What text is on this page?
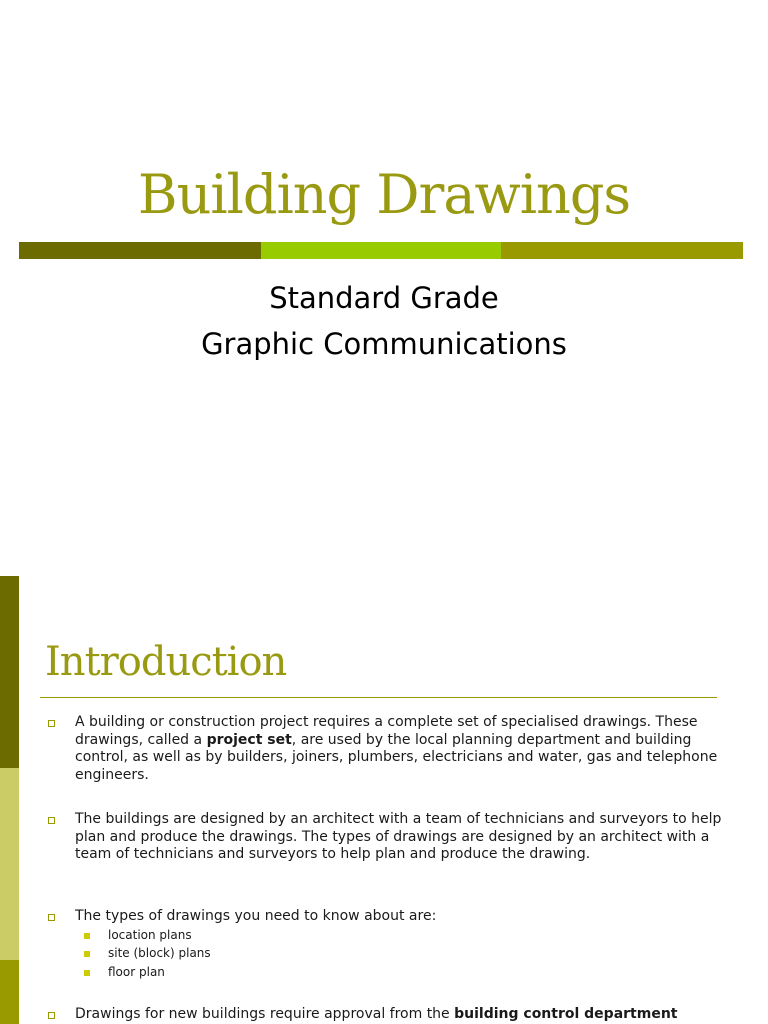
Building Drawings
Standard Grade
Graphic Communications
Introduction
A building or construction project requires a complete set of specialised drawings. These drawings, called a project set, are used by the local planning department and building control, as well as by builders, joiners, plumbers, electricians and water, gas and telephone engineers.
The buildings are designed by an architect with a team of technicians and surveyors to help plan and produce the drawings. The types of drawings are designed by an architect with a team of technicians and surveyors to help plan and produce the drawing.
The types of drawings you need to know about are:
location plans
site (block) plans
floor plan
Drawings for new buildings require approval from the building control department
